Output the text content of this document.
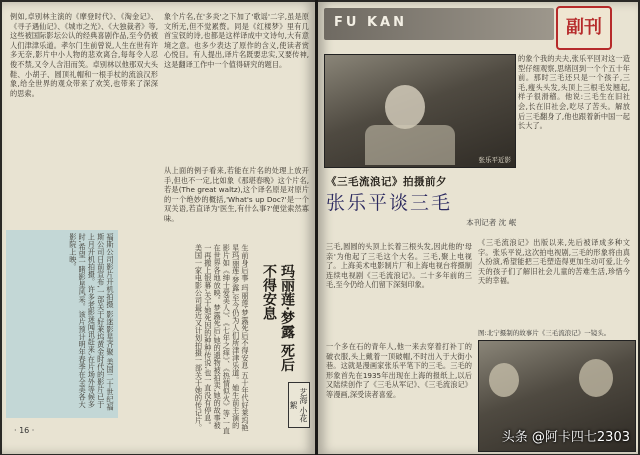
例如,卓别林主演的《摩登时代》、《淘金记》、《寻子遇仙记》、《城市之光》、《大独裁者》等,这些被国际影坛公认的经典喜剧作品,至今仍被人们津津乐道。孝尔门生前曾说,人生在世有许多无奈,影片中小人物的悲欢离合,每每令人忍俊不禁,又令人含泪而笑。卓别林以他那双大头鞋、小胡子、圆顶礼帽和一根手杖的流浪汉形象,给全世界的观众带来了欢笑,也带来了深深的思索。
象个片名,在'多炎'之下加了'歌谣'二字,虽是原文所无,但不觉累赘。同是《红楼梦》里有几首宝钗的诗,也都是这样译成中文诗句,大有意境之意。也多少表达了原作的含义,使读者赏心悦目。有人提出,译片名既要忠实,又要传神,这是翻译工作中一个值得研究的题目。
从上面的例子看来,若能在片名的处理上放开手,但也不一定,比如象《那堪春晚》这个片名,若是(The great waltz),这个译名原是对原片的一个绝妙的概括,'What's up Doc?'是一个双关语,若直译为'医生,有什么事?'便觉索然寡味。
福斯公司影片开机拍摄 影迷影星齐聚 美国二十世纪福斯公司日前宣布,一部关于好莱坞黄金时代的影片已于上月开机拍摄。许多老影迷闻讯赶来,在片场外等候多时,希望一睹影星风采。该片预计明年春季在全美各大影院上映。	生前身后事 玛丽莲·梦露死后不得安息 五十年代好莱坞艳星玛丽莲·梦露,至今仍为人们所津津乐道。她生前主演的影片如《绅士爱美人》、《七年之痒》、《热情似火》等,一直在世界各地放映。梦露死后,她的遗物被拍卖,她的故事被一再搬上银幕,关于她死因的种种传说,也一直没有停息。美国一家电影公司最近又计划拍摄一部关于她的传记片。	玛丽莲·梦露 死后不得安息
艺海 小花絮
· 16 ·
FU KAN	副刊
的象个我的夫夫,张乐平回对这一造型仔细观察,思绪回到一个个五十年前。那时三毛还只是一个孩子,三毛,瘦头头发,头顶上三根毛发翘起,样子很滑稽。他说:三毛生在旧社会,长在旧社会,吃尽了苦头。解放后三毛翻身了,他也跟着新中国一起长大了。
张乐平近影
《三毛流浪记》拍摄前夕
张乐平谈三毛
本刊记者 沈 岷
三毛,圆圆的头顶上长着三根头发,因此他的'母亲'为他起了三毛这个大名。三毛,聚上电视了。上海美术电影制片厂和上海电视台将摄制连续电视剧《三毛流浪记》。二十多年前的三毛,至今仍给人们留下深刻印象。
一个多在石的青年人,他一来去穿着打补丁的破衣服,头上戴着一顶破帽,不时出入于大街小巷。这就是漫画家张乐平笔下的三毛。三毛的形象首先在1935年出现在上海的报纸上,以后又陆续创作了《三毛从军记》、《三毛流浪记》等漫画,深受读者喜爱。
《三毛流浪记》出版以来,先后被译成多种文字。张乐平说,这次拍电视剧,三毛的形象将由真人扮演,希望能把三毛塑造得更加生动可爱,让今天的孩子们了解旧社会儿童的苦难生活,珍惜今天的幸福。
图:北宁摄制的故事片《三毛流浪记》一镜头。
头条 @阿卡四七2303
